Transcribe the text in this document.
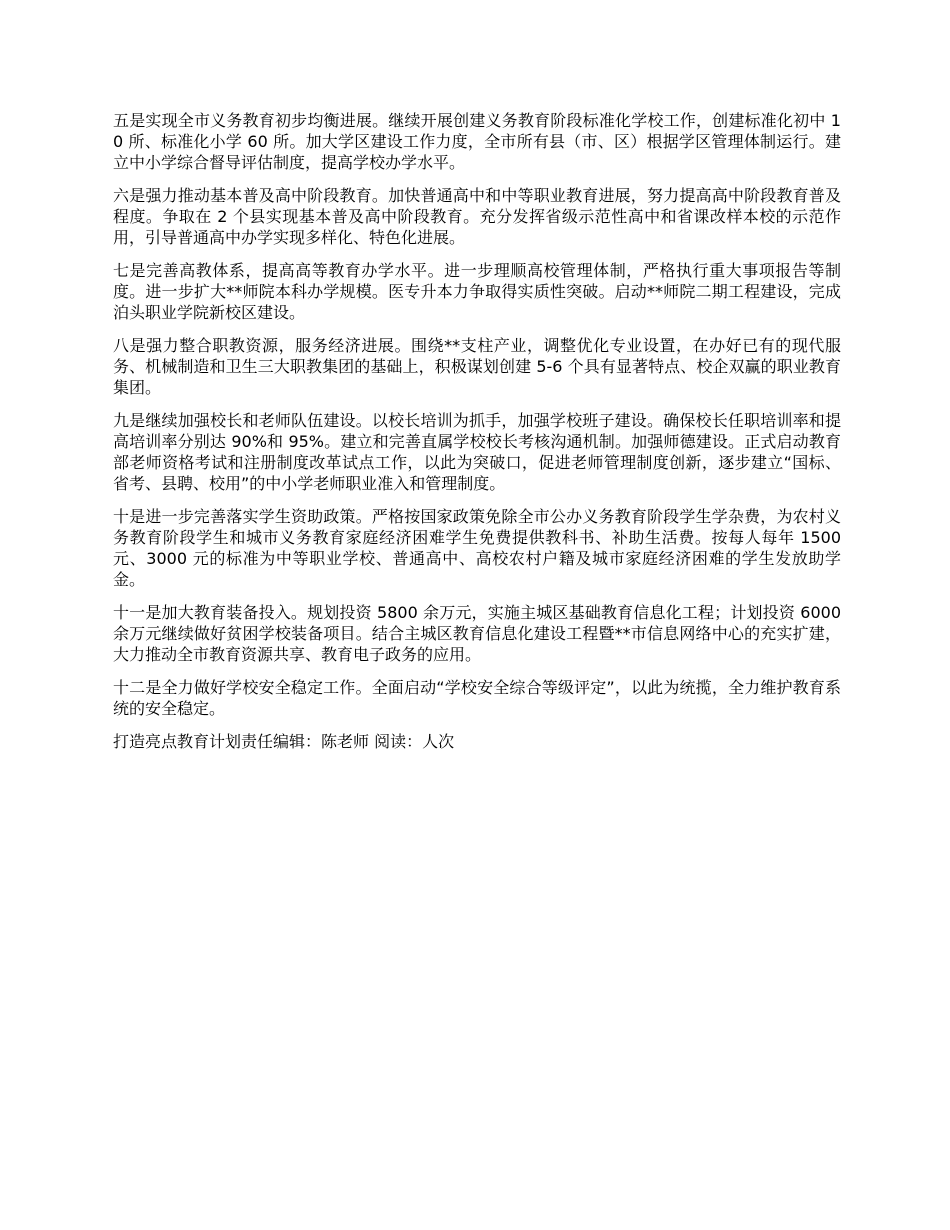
五是实现全市义务教育初步均衡进展。继续开展创建义务教育阶段标准化学校工作，创建标准化初中 10 所、标准化小学 60 所。加大学区建设工作力度，全市所有县（市、区）根据学区管理体制运行。建立中小学综合督导评估制度，提高学校办学水平。

六是强力推动基本普及高中阶段教育。加快普通高中和中等职业教育进展，努力提高高中阶段教育普及程度。争取在 2 个县实现基本普及高中阶段教育。充分发挥省级示范性高中和省课改样本校的示范作用，引导普通高中办学实现多样化、特色化进展。

七是完善高教体系，提高高等教育办学水平。进一步理顺高校管理体制，严格执行重大事项报告等制度。进一步扩大**师院本科办学规模。医专升本力争取得实质性突破。启动**师院二期工程建设，完成泊头职业学院新校区建设。

八是强力整合职教资源，服务经济进展。围绕**支柱产业，调整优化专业设置，在办好已有的现代服务、机械制造和卫生三大职教集团的基础上，积极谋划创建 5-6 个具有显著特点、校企双赢的职业教育集团。

九是继续加强校长和老师队伍建设。以校长培训为抓手，加强学校班子建设。确保校长任职培训率和提高培训率分别达 90%和 95%。建立和完善直属学校校长考核沟通机制。加强师德建设。正式启动教育部老师资格考试和注册制度改革试点工作，以此为突破口，促进老师管理制度创新，逐步建立“国标、省考、县聘、校用”的中小学老师职业准入和管理制度。

十是进一步完善落实学生资助政策。严格按国家政策免除全市公办义务教育阶段学生学杂费，为农村义务教育阶段学生和城市义务教育家庭经济困难学生免费提供教科书、补助生活费。按每人每年 1500 元、3000 元的标准为中等职业学校、普通高中、高校农村户籍及城市家庭经济困难的学生发放助学金。

十一是加大教育装备投入。规划投资 5800 余万元，实施主城区基础教育信息化工程；计划投资 6000 余万元继续做好贫困学校装备项目。结合主城区教育信息化建设工程暨**市信息网络中心的充实扩建，大力推动全市教育资源共享、教育电子政务的应用。

十二是全力做好学校安全稳定工作。全面启动“学校安全综合等级评定”，以此为统揽，全力维护教育系统的安全稳定。

打造亮点教育计划责任编辑：陈老师 阅读：人次
